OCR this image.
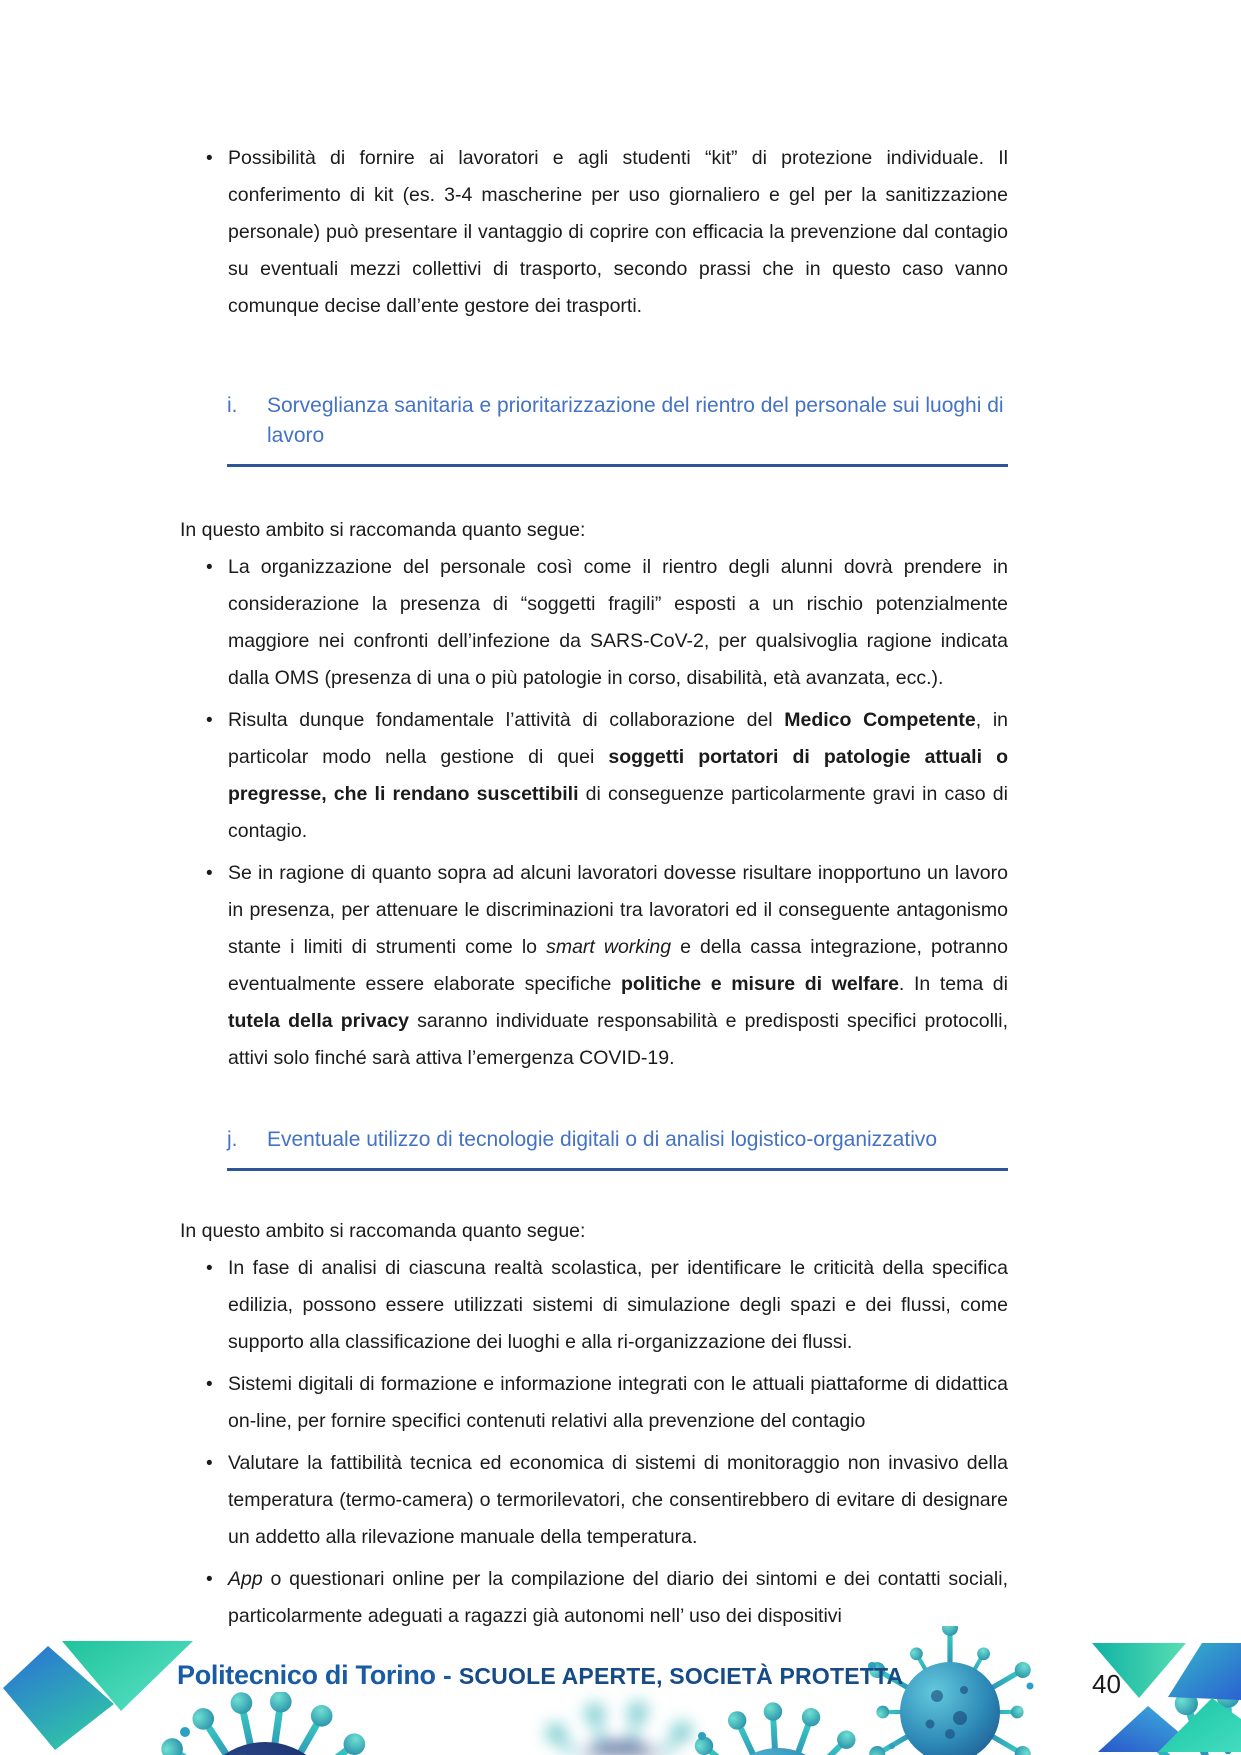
• Possibilità di fornire ai lavoratori e agli studenti “kit” di protezione individuale. Il conferimento di kit (es. 3-4 mascherine per uso giornaliero e gel per la sanitizzazione personale) può presentare il vantaggio di coprire con efficacia la prevenzione dal contagio su eventuali mezzi collettivi di trasporto, secondo prassi che in questo caso vanno comunque decise dall’ente gestore dei trasporti.
i.	Sorveglianza sanitaria e prioritarizzazione del rientro del personale sui luoghi di lavoro

In questo ambito si raccomanda quanto segue:

• La organizzazione del personale così come il rientro degli alunni dovrà prendere in considerazione la presenza di “soggetti fragili” esposti a un rischio potenzialmente maggiore nei confronti dell’infezione da SARS-CoV-2, per qualsivoglia ragione indicata dalla OMS (presenza di una o più patologie in corso, disabilità, età avanzata, ecc.).
• Risulta dunque fondamentale l’attività di collaborazione del Medico Competente, in particolar modo nella gestione di quei soggetti portatori di patologie attuali o pregresse, che li rendano suscettibili di conseguenze particolarmente gravi in caso di contagio.
• Se in ragione di quanto sopra ad alcuni lavoratori dovesse risultare inopportuno un lavoro in presenza, per attenuare le discriminazioni tra lavoratori ed il conseguente antagonismo stante i limiti di strumenti come lo smart working e della cassa integrazione, potranno eventualmente essere elaborate specifiche politiche e misure di welfare. In tema di tutela della privacy saranno individuate responsabilità e predisposti specifici protocolli, attivi solo finché sarà attiva l’emergenza COVID-19.
j.	Eventuale utilizzo di tecnologie digitali o di analisi logistico-organizzativo

In questo ambito si raccomanda quanto segue:

• In fase di analisi di ciascuna realtà scolastica, per identificare le criticità della specifica edilizia, possono essere utilizzati sistemi di simulazione degli spazi e dei flussi, come supporto alla classificazione dei luoghi e alla ri-organizzazione dei flussi.
• Sistemi digitali di formazione e informazione integrati con le attuali piattaforme di didattica on-line, per fornire specifici contenuti relativi alla prevenzione del contagio
• Valutare la fattibilità tecnica ed economica di sistemi di monitoraggio non invasivo della temperatura (termo-camera) o termorilevatori, che consentirebbero di evitare di designare un addetto alla rilevazione manuale della temperatura.
• App o questionari online per la compilazione del diario dei sintomi e dei contatti sociali, particolarmente adeguati a ragazzi già autonomi nell’ uso dei dispositivi
Politecnico di Torino - SCUOLE APERTE, SOCIETÀ PROTETTA	40
